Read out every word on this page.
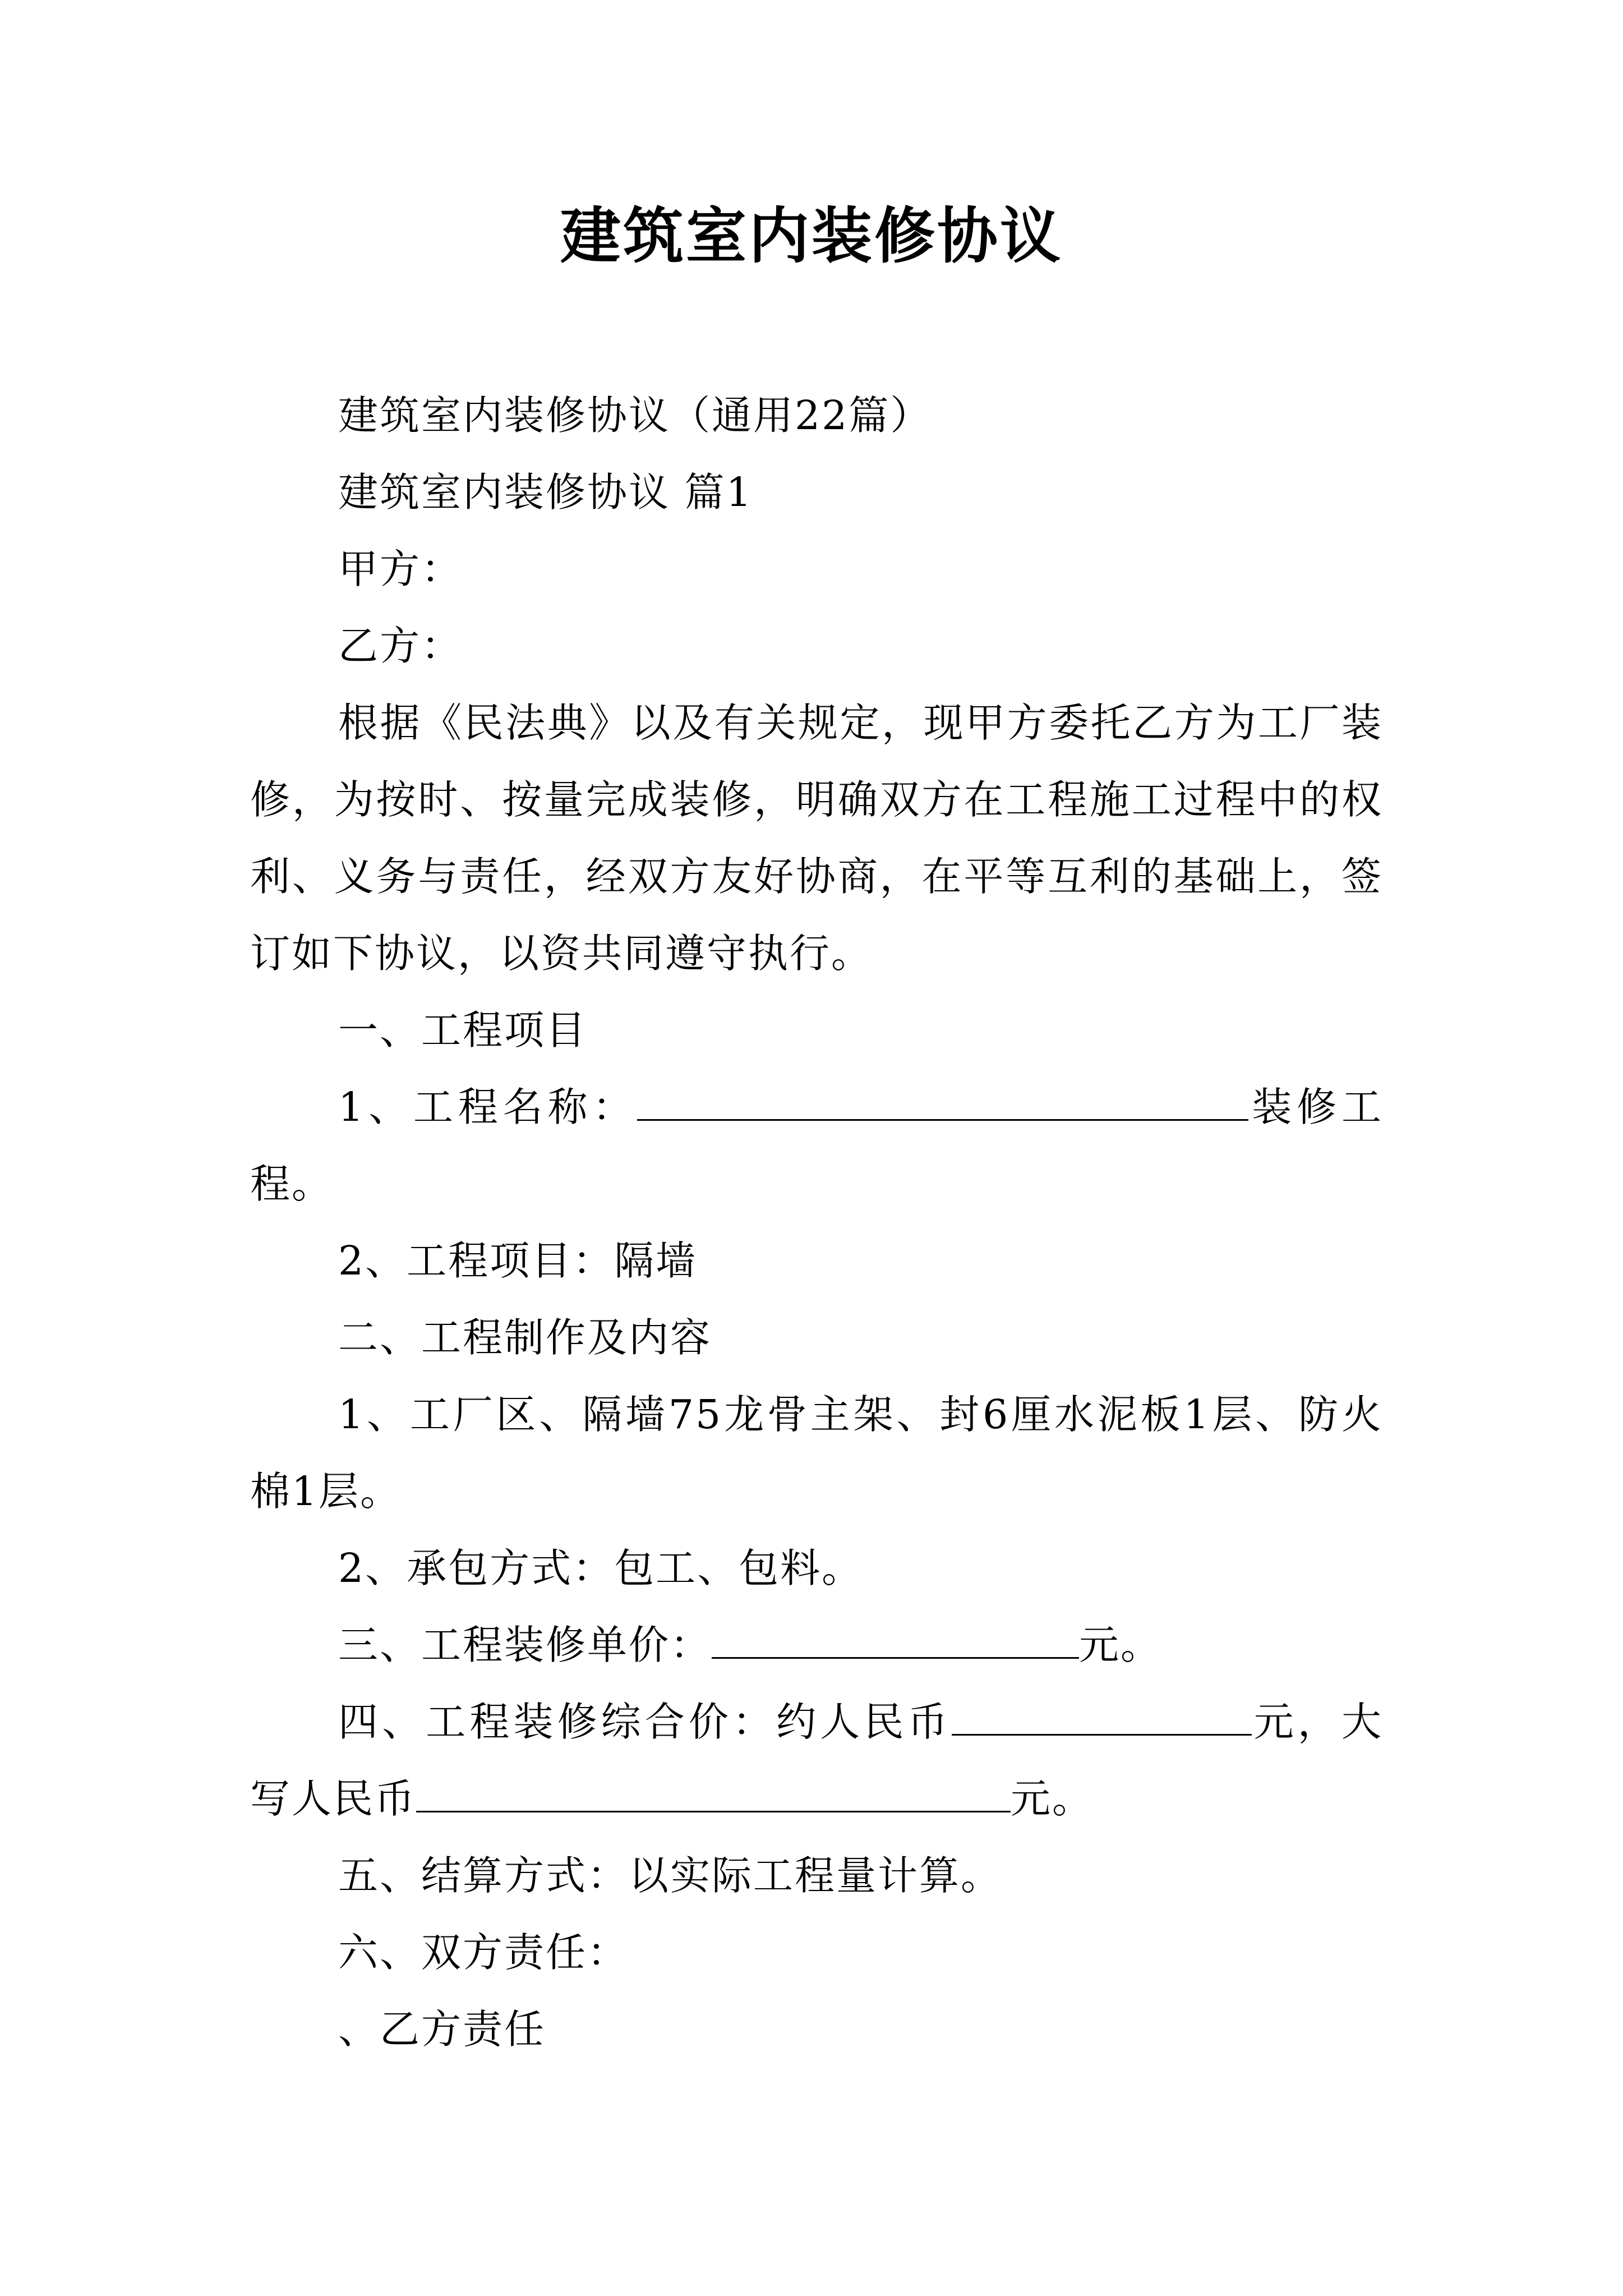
建筑室内装修协议

建筑室内装修协议（通用22篇）

建筑室内装修协议 篇1

甲方：

乙方：

根据《民法典》以及有关规定，现甲方委托乙方为工厂装修，为按时、按量完成装修，明确双方在工程施工过程中的权利、义务与责任，经双方友好协商，在平等互利的基础上，签订如下协议，以资共同遵守执行。

一、工程项目

1、工程名称：	装修工程。

2、工程项目：隔墙

二、工程制作及内容

1、工厂区、隔墙75龙骨主架、封6厘水泥板1层、防火棉1层。

2、承包方式：包工、包料。

三、工程装修单价：	元。

四、工程装修综合价：约人民币	元，大写人民币	元。

五、结算方式：以实际工程量计算。

六、双方责任：

、乙方责任
